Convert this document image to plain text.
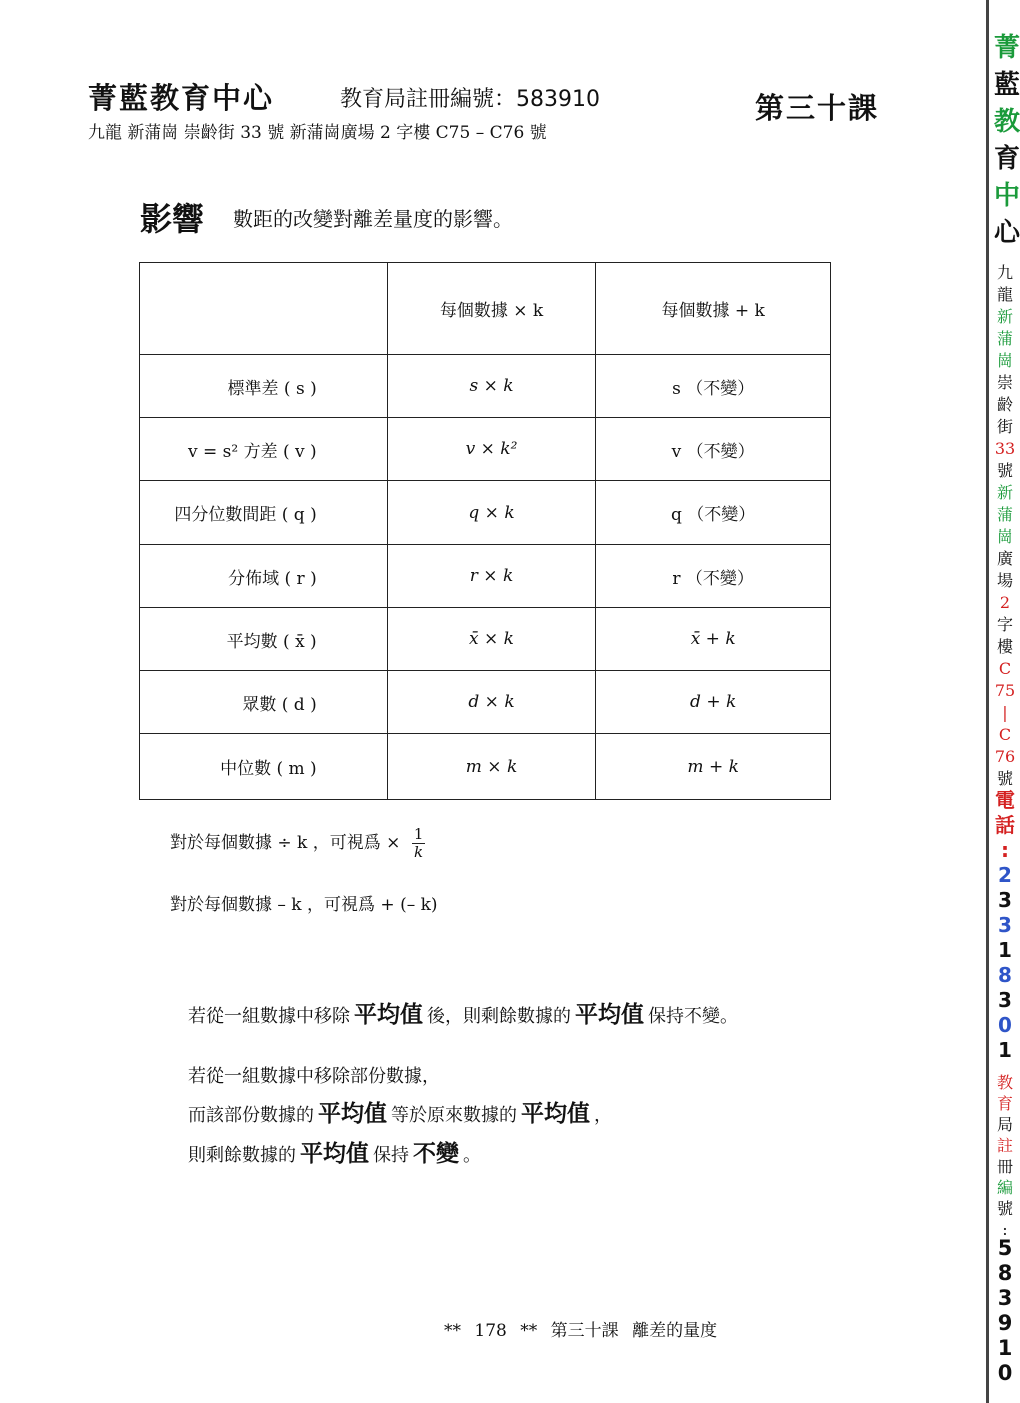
菁藍教育中心	教育局註冊編號：583910
九龍 新蒲崗 崇齡街 33 號 新蒲崗廣場 2 字樓 C75 – C76 號
第三十課
影響 數距的改變對離差量度的影響。
	每個數據 × k	每個數據 + k
標準差 ( s )	s × k	s （不變）
v = s² 方差 ( v )	v × k²	v （不變）
四分位數間距 ( q )	q × k	q （不變）
分佈域 ( r )	r × k	r （不變）
平均數 ( x̄ )	x̄ × k	x̄ + k
眾數 ( d )	d × k	d + k
中位數 ( m )	m × k	m + k
對於每個數據 ÷ k ，可視爲 × $\frac{1}{k}$
對於每個數據 – k ，可視爲 + (– k)
若從一組數據中移除 平均值 後，則剩餘數據的 平均值 保持不變。
若從一組數據中移除部份數據，
而該部份數據的 平均值 等於原來數據的 平均值 ，
則剩餘數據的 平均值 保持 不變 。
** 178 ** 第三十課 離差的量度
菁
藍
教
育
中
心
九
龍
新
蒲
崗
崇
齡
街
33
號
新
蒲
崗
廣
場
2
字
樓
C
75
|
C
76
號
電
話
:
2
3
3
1
8
3
0
1
教
育
局
註
冊
編
號
:
5
8
3
9
1
0
